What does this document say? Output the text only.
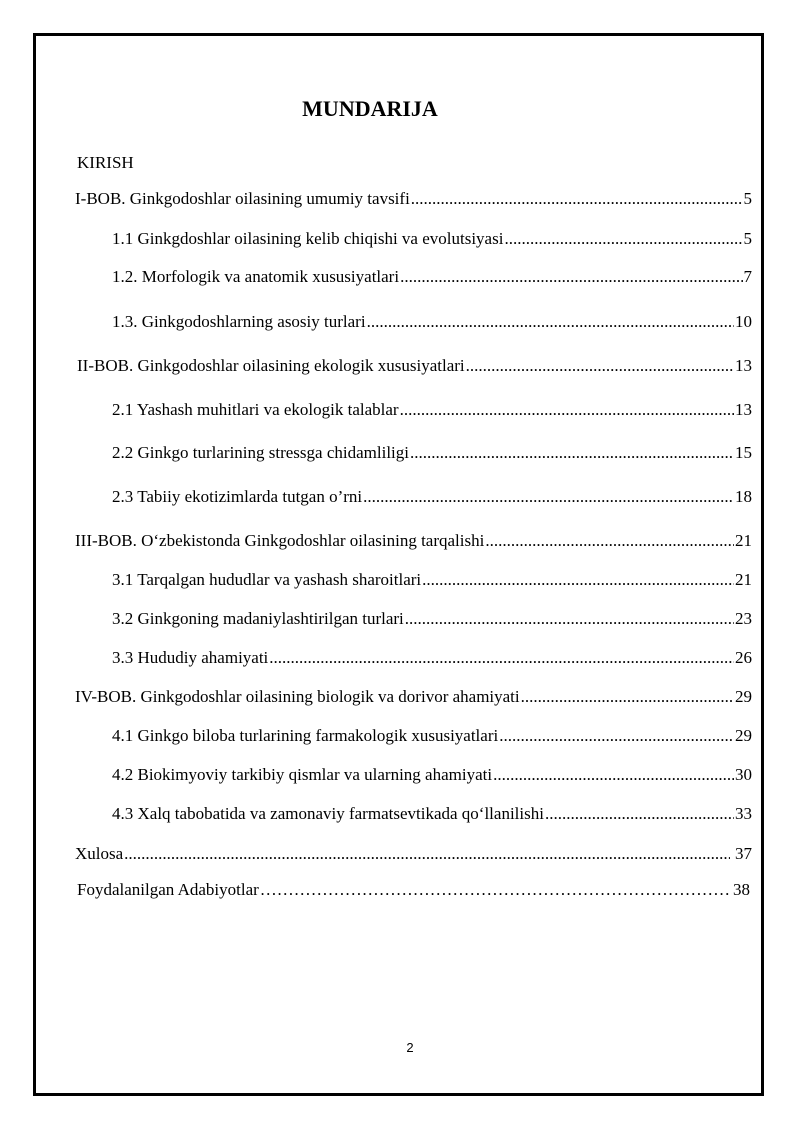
MUNDARIJA
KIRISH
I-BOB. Ginkgodoshlar oilasining umumiy tavsifi .....	5
1.1 Ginkgdoshlar oilasining kelib chiqishi va evolutsiyasi .....	5
1.2. Morfologik va anatomik xususiyatlari .....	7
1.3. Ginkgodoshlarning asosiy turlari .....	10
II-BOB. Ginkgodoshlar oilasining ekologik xususiyatlari .....	13
2.1 Yashash muhitlari va ekologik talablar .....	13
2.2 Ginkgo turlarining stressga chidamliligi .....	15
2.3 Tabiiy ekotizimlarda tutgan o’rni .....	18
III-BOB. O‘zbekistonda Ginkgodoshlar oilasining tarqalishi .....	21
3.1 Tarqalgan hududlar va yashash sharoitlari .....	21
3.2 Ginkgoning madaniylashtirilgan turlari .....	23
3.3 Hududiy ahamiyati .....	26
IV-BOB. Ginkgodoshlar oilasining biologik va dorivor ahamiyati .....	29
4.1 Ginkgo biloba turlarining farmakologik xususiyatlari .....	29
4.2 Biokimyoviy tarkibiy qismlar va ularning ahamiyati .....	30
4.3 Xalq tabobatida va zamonaviy farmatsevtikada qo‘llanilishi .....	33
Xulosa .....	37
Foydalanilgan Adabiyotlar ………………………………………………………………………………………………………………………………………	38
2
